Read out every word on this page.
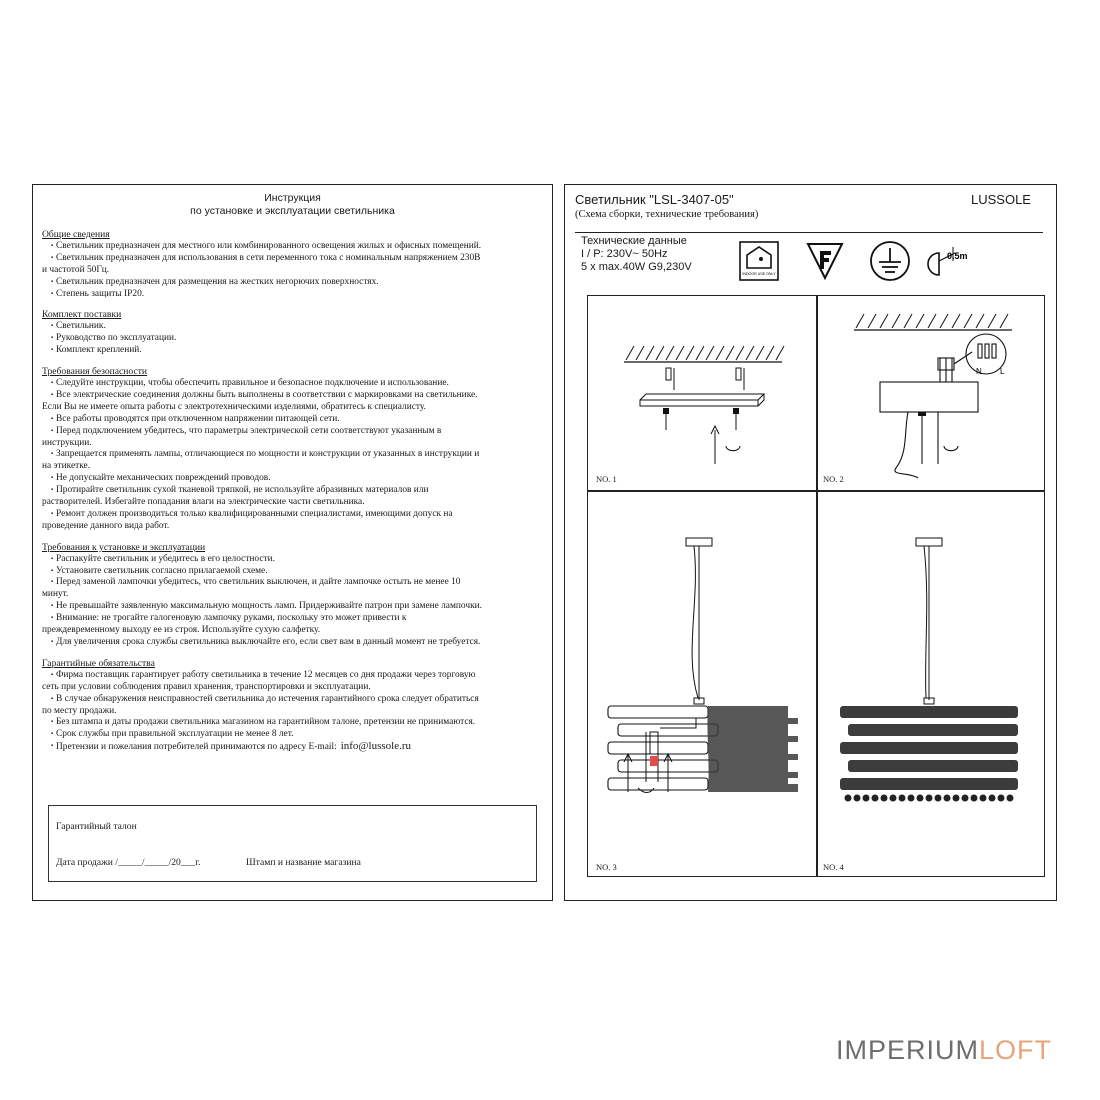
Инструкция
по установке и эксплуатации светильника
Общие сведения
▪ Светильник предназначен для местного или комбинированного освещения жилых и офисных помещений.
▪ Светильник предназначен для использования в сети переменного тока с номинальным напряжением 230В
и частотой 50Гц.
▪ Светильник предназначен для размещения на жестких негорючих поверхностях.
▪ Степень защиты IP20.
Комплект поставки
▪ Светильник.
▪ Руководство по эксплуатации.
▪ Комплект креплений.
Требования безопасности
▪ Следуйте инструкции, чтобы обеспечить правильное и безопасное подключение и использование.
▪ Все электрические соединения должны быть выполнены в соответствии с маркировками на светильнике.
Если Вы не имеете опыта работы с электротехническими изделиями, обратитесь к специалисту.
▪ Все работы проводятся при отключенном напряжении питающей сети.
▪ Перед подключением убедитесь, что параметры электрической сети соответствуют указанным в
инструкции.
▪ Запрещается применять лампы, отличающиеся по мощности и конструкции от указанных в инструкции и
на этикетке.
▪ Не допускайте механических повреждений проводов.
▪ Протирайте светильник сухой тканевой тряпкой, не используйте абразивных материалов или
растворителей. Избегайте попадания влаги на электрические части светильника.
▪ Ремонт должен производиться только квалифицированными специалистами, имеющими допуск на
проведение данного вида работ.
Требования к установке и эксплуатации
▪ Распакуйте светильник и убедитесь в его целостности.
▪ Установите светильник согласно прилагаемой схеме.
▪ Перед заменой лампочки убедитесь, что светильник выключен, и дайте лампочке остыть не менее 10
минут.
▪ Не превышайте заявленную максимальную мощность ламп. Придерживайте патрон при замене лампочки.
▪ Внимание: не трогайте галогеновую лампочку руками, поскольку это может привести к
преждевременному выходу ее из строя. Используйте сухую салфетку.
▪ Для увеличения срока службы светильника выключайте его, если свет вам в данный момент не требуется.
Гарантийные обязательства
▪ Фирма поставщик гарантирует работу светильника в течение 12 месяцев со дня продажи через торговую
сеть при условии соблюдения правил хранения, транспортировки и эксплуатации.
▪ В случае обнаружения неисправностей светильника до истечения гарантийного срока следует обратиться
по месту продажи.
▪ Без штампа и даты продажи светильника магазином на гарантийном талоне, претензии не принимаются.
▪ Срок службы при правильной эксплуатации не менее 8 лет.
▪ Претензии и пожелания потребителей принимаются по адресу E-mail: info@lussole.ru
Гарантийный талон
Дата продажи /_____/_____/20___г.	Штамп и название магазина
Светильник "LSL-3407-05"	LUSSOLE
(Схема сборки, технические требования)
Технические данные
I / P: 230V~ 50Hz
5 x max.40W G9,230V
INDOOR USE ONLY
0.5m
NO. 1
N L
NO. 2
NO. 3	NO. 4
IMPERIUMLOFT
